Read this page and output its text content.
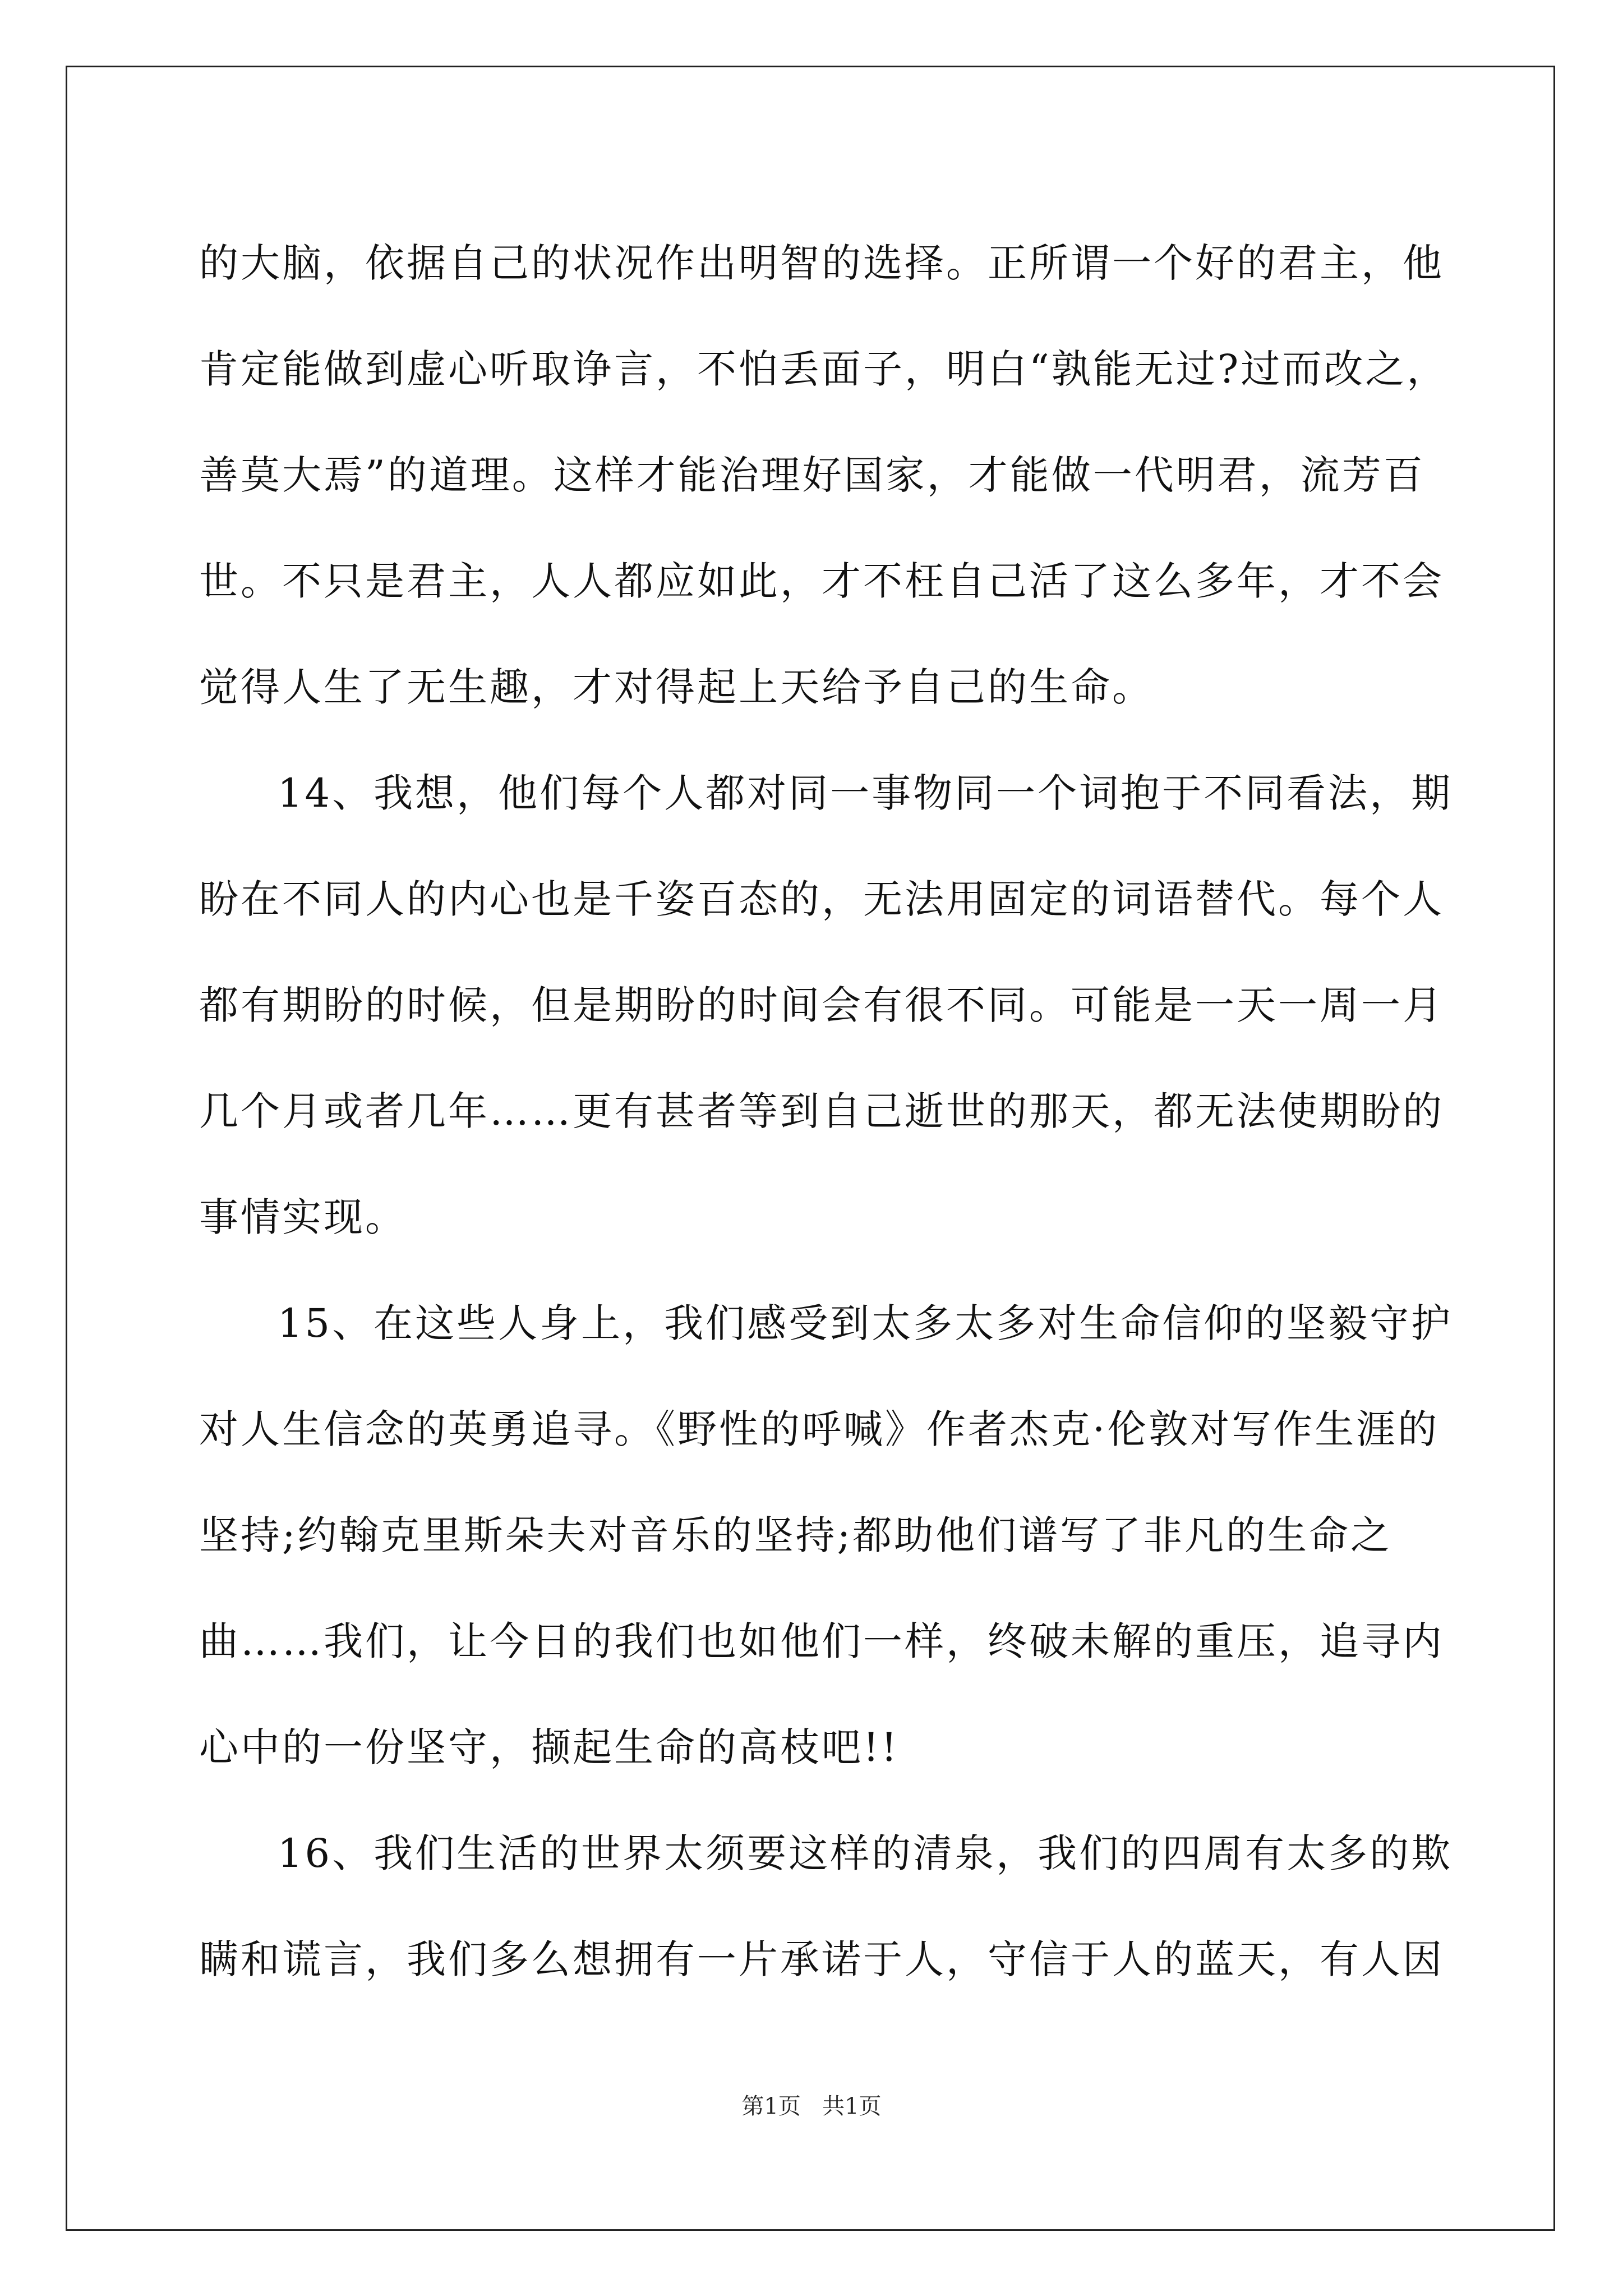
的大脑，依据自己的状况作出明智的选择。正所谓一个好的君主，他
肯定能做到虚心听取诤言，不怕丢面子，明白“孰能无过?过而改之，
善莫大焉”的道理。这样才能治理好国家，才能做一代明君，流芳百
世。不只是君主，人人都应如此，才不枉自己活了这么多年，才不会
觉得人生了无生趣，才对得起上天给予自己的生命。
14、我想，他们每个人都对同一事物同一个词抱于不同看法，期
盼在不同人的内心也是千姿百态的，无法用固定的词语替代。每个人
都有期盼的时候，但是期盼的时间会有很不同。可能是一天一周一月
几个月或者几年……更有甚者等到自己逝世的那天，都无法使期盼的
事情实现。
15、在这些人身上，我们感受到太多太多对生命信仰的坚毅守护
对人生信念的英勇追寻。《野性的呼喊》作者杰克·伦敦对写作生涯的
坚持;约翰克里斯朵夫对音乐的坚持;都助他们谱写了非凡的生命之
曲……我们，让今日的我们也如他们一样，终破未解的重压，追寻内
心中的一份坚守，撷起生命的高枝吧!!
16、我们生活的世界太须要这样的清泉，我们的四周有太多的欺
瞒和谎言，我们多么想拥有一片承诺于人，守信于人的蓝天，有人因
第1页 共1页
